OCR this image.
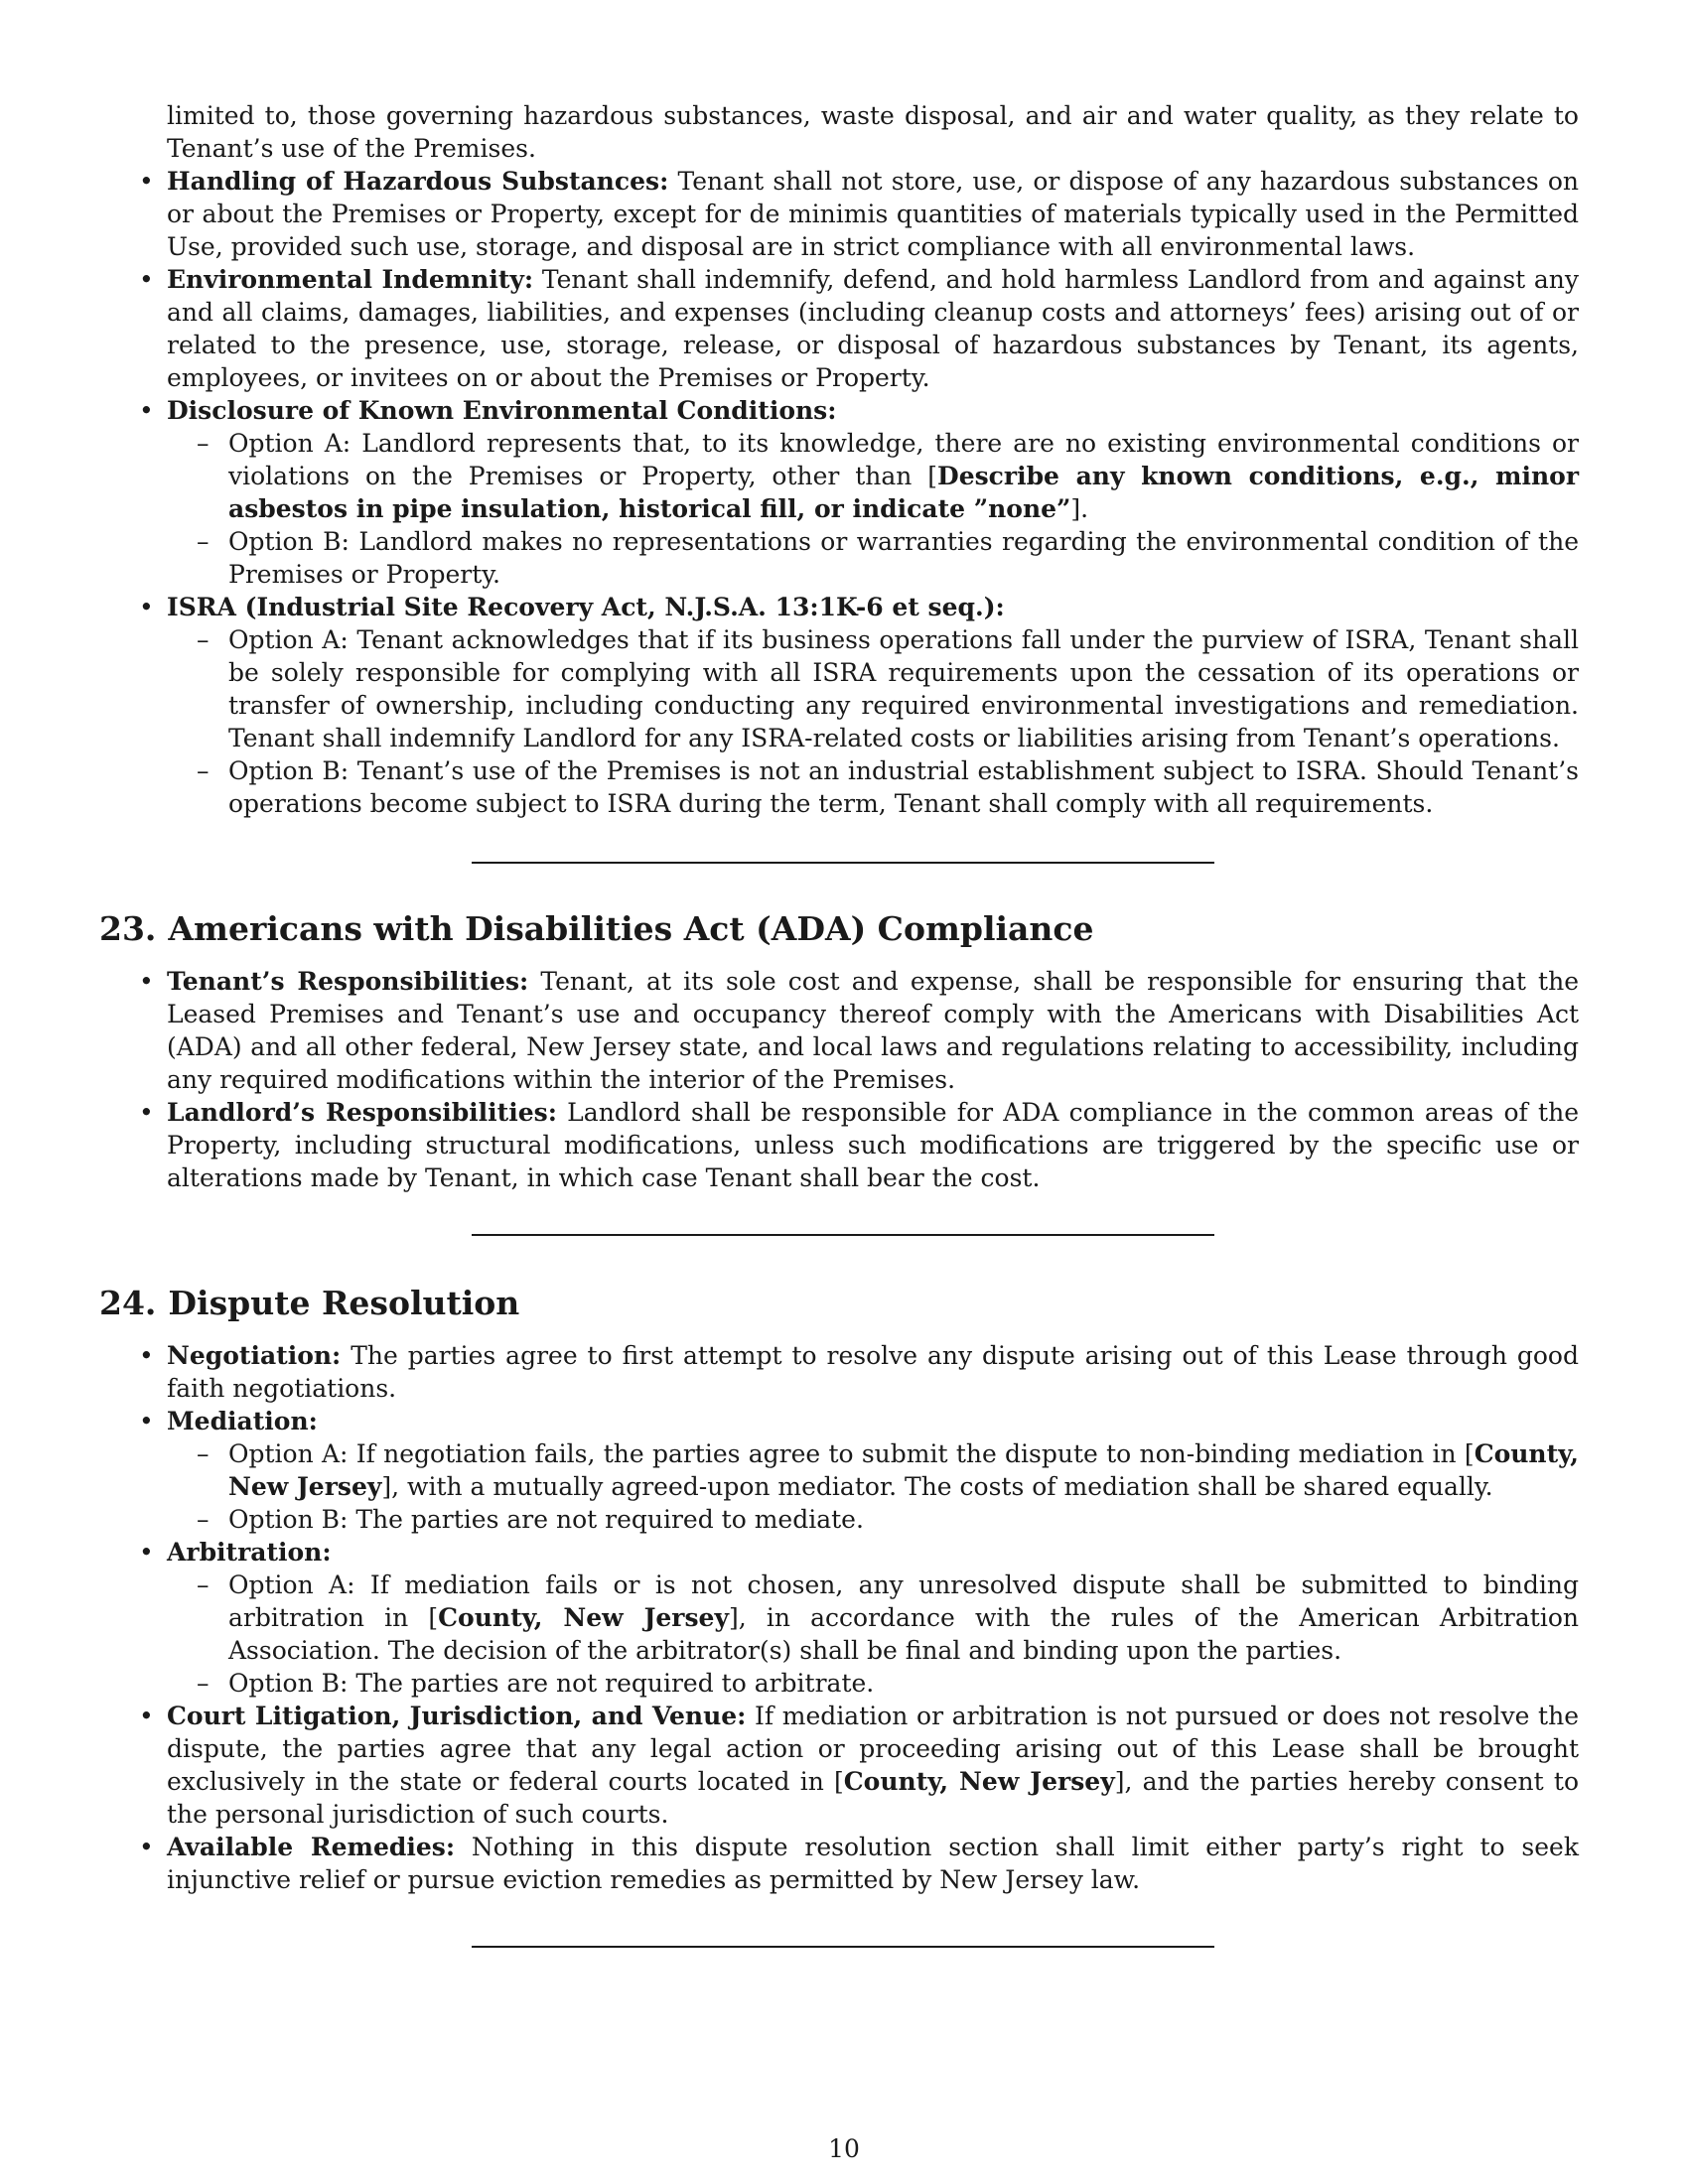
limited to, those governing hazardous substances, waste disposal, and air and water quality, as they relate to Tenant’s use of the Premises.

• Handling of Hazardous Substances: Tenant shall not store, use, or dispose of any hazardous substances on or about the Premises or Property, except for de minimis quantities of materials typically used in the Permitted Use, provided such use, storage, and disposal are in strict compliance with all environmental laws.
• Environmental Indemnity: Tenant shall indemnify, defend, and hold harmless Landlord from and against any and all claims, damages, liabilities, and expenses (including cleanup costs and attorneys’ fees) arising out of or related to the presence, use, storage, release, or disposal of hazardous substances by Tenant, its agents, employees, or invitees on or about the Premises or Property.
• Disclosure of Known Environmental Conditions:
– Option A: Landlord represents that, to its knowledge, there are no existing environmental conditions or violations on the Premises or Property, other than [Describe any known conditions, e.g., minor asbestos in pipe insulation, historical fill, or indicate ”none”].
– Option B: Landlord makes no representations or warranties regarding the environmental condition of the Premises or Property.
• ISRA (Industrial Site Recovery Act, N.J.S.A. 13:1K-6 et seq.):
– Option A: Tenant acknowledges that if its business operations fall under the purview of ISRA, Tenant shall be solely responsible for complying with all ISRA requirements upon the cessation of its operations or transfer of ownership, including conducting any required environmental investigations and remediation. Tenant shall indemnify Landlord for any ISRA-related costs or liabilities arising from Tenant’s operations.
– Option B: Tenant’s use of the Premises is not an industrial establishment subject to ISRA. Should Tenant’s operations become subject to ISRA during the term, Tenant shall comply with all requirements.
23. Americans with Disabilities Act (ADA) Compliance
• Tenant’s Responsibilities: Tenant, at its sole cost and expense, shall be responsible for ensuring that the Leased Premises and Tenant’s use and occupancy thereof comply with the Americans with Disabilities Act (ADA) and all other federal, New Jersey state, and local laws and regulations relating to accessibility, including any required modifications within the interior of the Premises.
• Landlord’s Responsibilities: Landlord shall be responsible for ADA compliance in the common areas of the Property, including structural modifications, unless such modifications are triggered by the specific use or alterations made by Tenant, in which case Tenant shall bear the cost.
24. Dispute Resolution
• Negotiation: The parties agree to first attempt to resolve any dispute arising out of this Lease through good faith negotiations.
• Mediation:
– Option A: If negotiation fails, the parties agree to submit the dispute to non-binding mediation in [County, New Jersey], with a mutually agreed-upon mediator. The costs of mediation shall be shared equally.
– Option B: The parties are not required to mediate.
• Arbitration:
– Option A: If mediation fails or is not chosen, any unresolved dispute shall be submitted to binding arbitration in [County, New Jersey], in accordance with the rules of the American Arbitration Association. The decision of the arbitrator(s) shall be final and binding upon the parties.
– Option B: The parties are not required to arbitrate.
• Court Litigation, Jurisdiction, and Venue: If mediation or arbitration is not pursued or does not resolve the dispute, the parties agree that any legal action or proceeding arising out of this Lease shall be brought exclusively in the state or federal courts located in [County, New Jersey], and the parties hereby consent to the personal jurisdiction of such courts.
• Available Remedies: Nothing in this dispute resolution section shall limit either party’s right to seek injunctive relief or pursue eviction remedies as permitted by New Jersey law.
10
